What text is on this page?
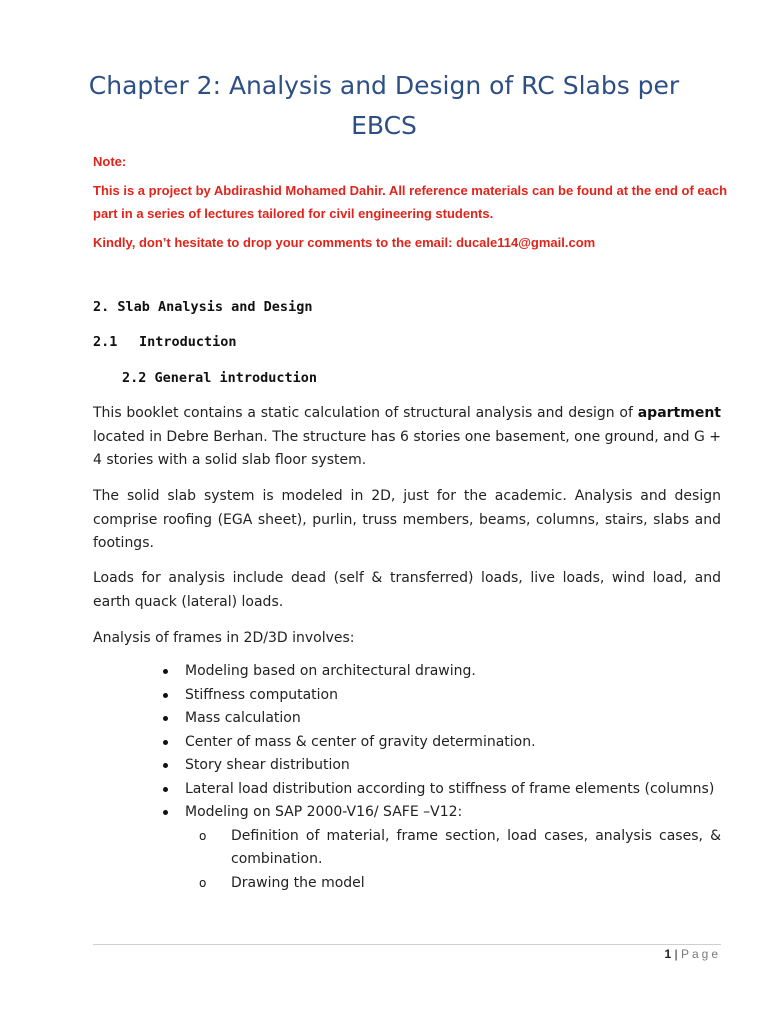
Chapter 2: Analysis and Design of RC Slabs per EBCS

Note:

This is a project by Abdirashid Mohamed Dahir. All reference materials can be found at the end of each part in a series of lectures tailored for civil engineering students.

Kindly, don’t hesitate to drop your comments to the email: ducale114@gmail.com

2. Slab Analysis and Design

2.1 Introduction

2.2 General introduction

This booklet contains a static calculation of structural analysis and design of apartment located in Debre Berhan. The structure has 6 stories one basement, one ground, and G + 4 stories with a solid slab floor system.

The solid slab system is modeled in 2D, just for the academic. Analysis and design comprise roofing (EGA sheet), purlin, truss members, beams, columns, stairs, slabs and footings.

Loads for analysis include dead (self & transferred) loads, live loads, wind load, and earth quack (lateral) loads.

Analysis of frames in 2D/3D involves:

Modeling based on architectural drawing.
Stiffness computation
Mass calculation
Center of mass & center of gravity determination.
Story shear distribution
Lateral load distribution according to stiffness of frame elements (columns)
Modeling on SAP 2000-V16/ SAFE –V12:
o Definition of material, frame section, load cases, analysis cases, & combination.
o Drawing the model
1 | Page
